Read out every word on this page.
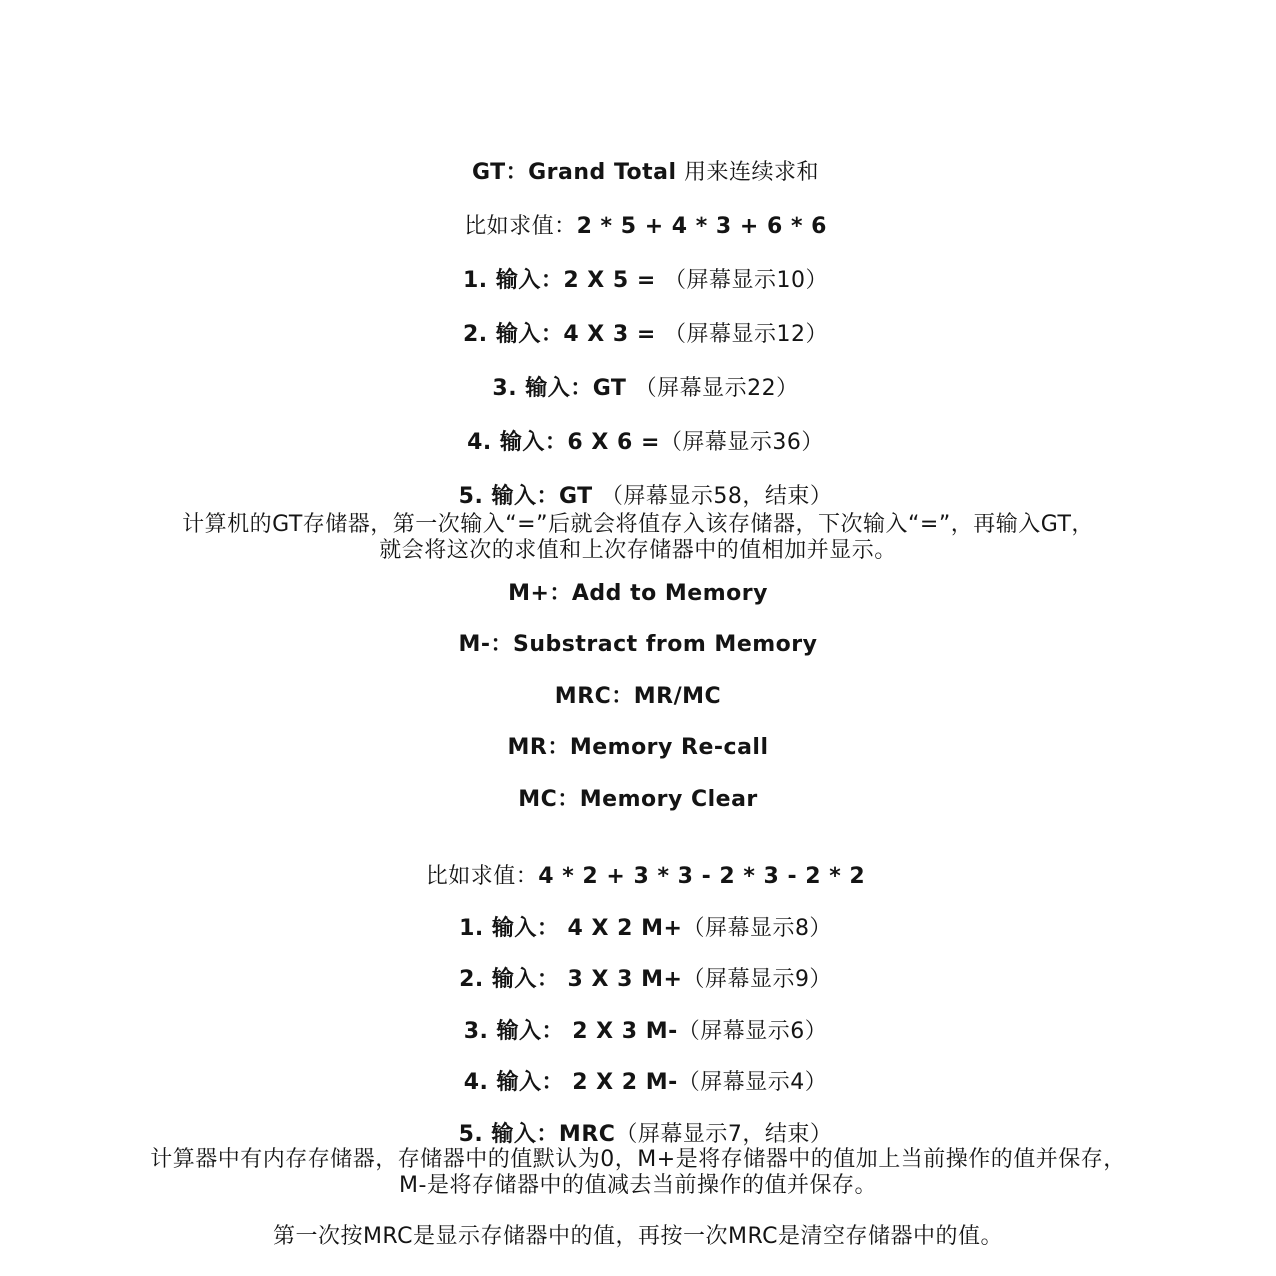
GT：Grand Total 用来连续求和

比如求值：2 * 5 + 4 * 3 + 6 * 6

1. 输入：2 X 5 = （屏幕显示10）

2. 输入：4 X 3 = （屏幕显示12）

3. 输入：GT （屏幕显示22）

4. 输入：6 X 6 =（屏幕显示36）

5. 输入：GT （屏幕显示58，结束）

计算机的GT存储器，第一次输入“=”后就会将值存入该存储器，下次输入“=”，再输入GT，
就会将这次的求值和上次存储器中的值相加并显示。
M+：Add to Memory
M-：Substract from Memory
MRC：MR/MC
MR：Memory Re-call
MC：Memory Clear

比如求值：4 * 2 + 3 * 3 - 2 * 3 - 2 * 2

1. 输入： 4 X 2 M+（屏幕显示8）

2. 输入： 3 X 3 M+（屏幕显示9）

3. 输入： 2 X 3 M-（屏幕显示6）

4. 输入： 2 X 2 M-（屏幕显示4）

5. 输入：MRC（屏幕显示7，结束）

计算器中有内存存储器，存储器中的值默认为0，M+是将存储器中的值加上当前操作的值并保存，
M-是将存储器中的值减去当前操作的值并保存。
第一次按MRC是显示存储器中的值，再按一次MRC是清空存储器中的值。
